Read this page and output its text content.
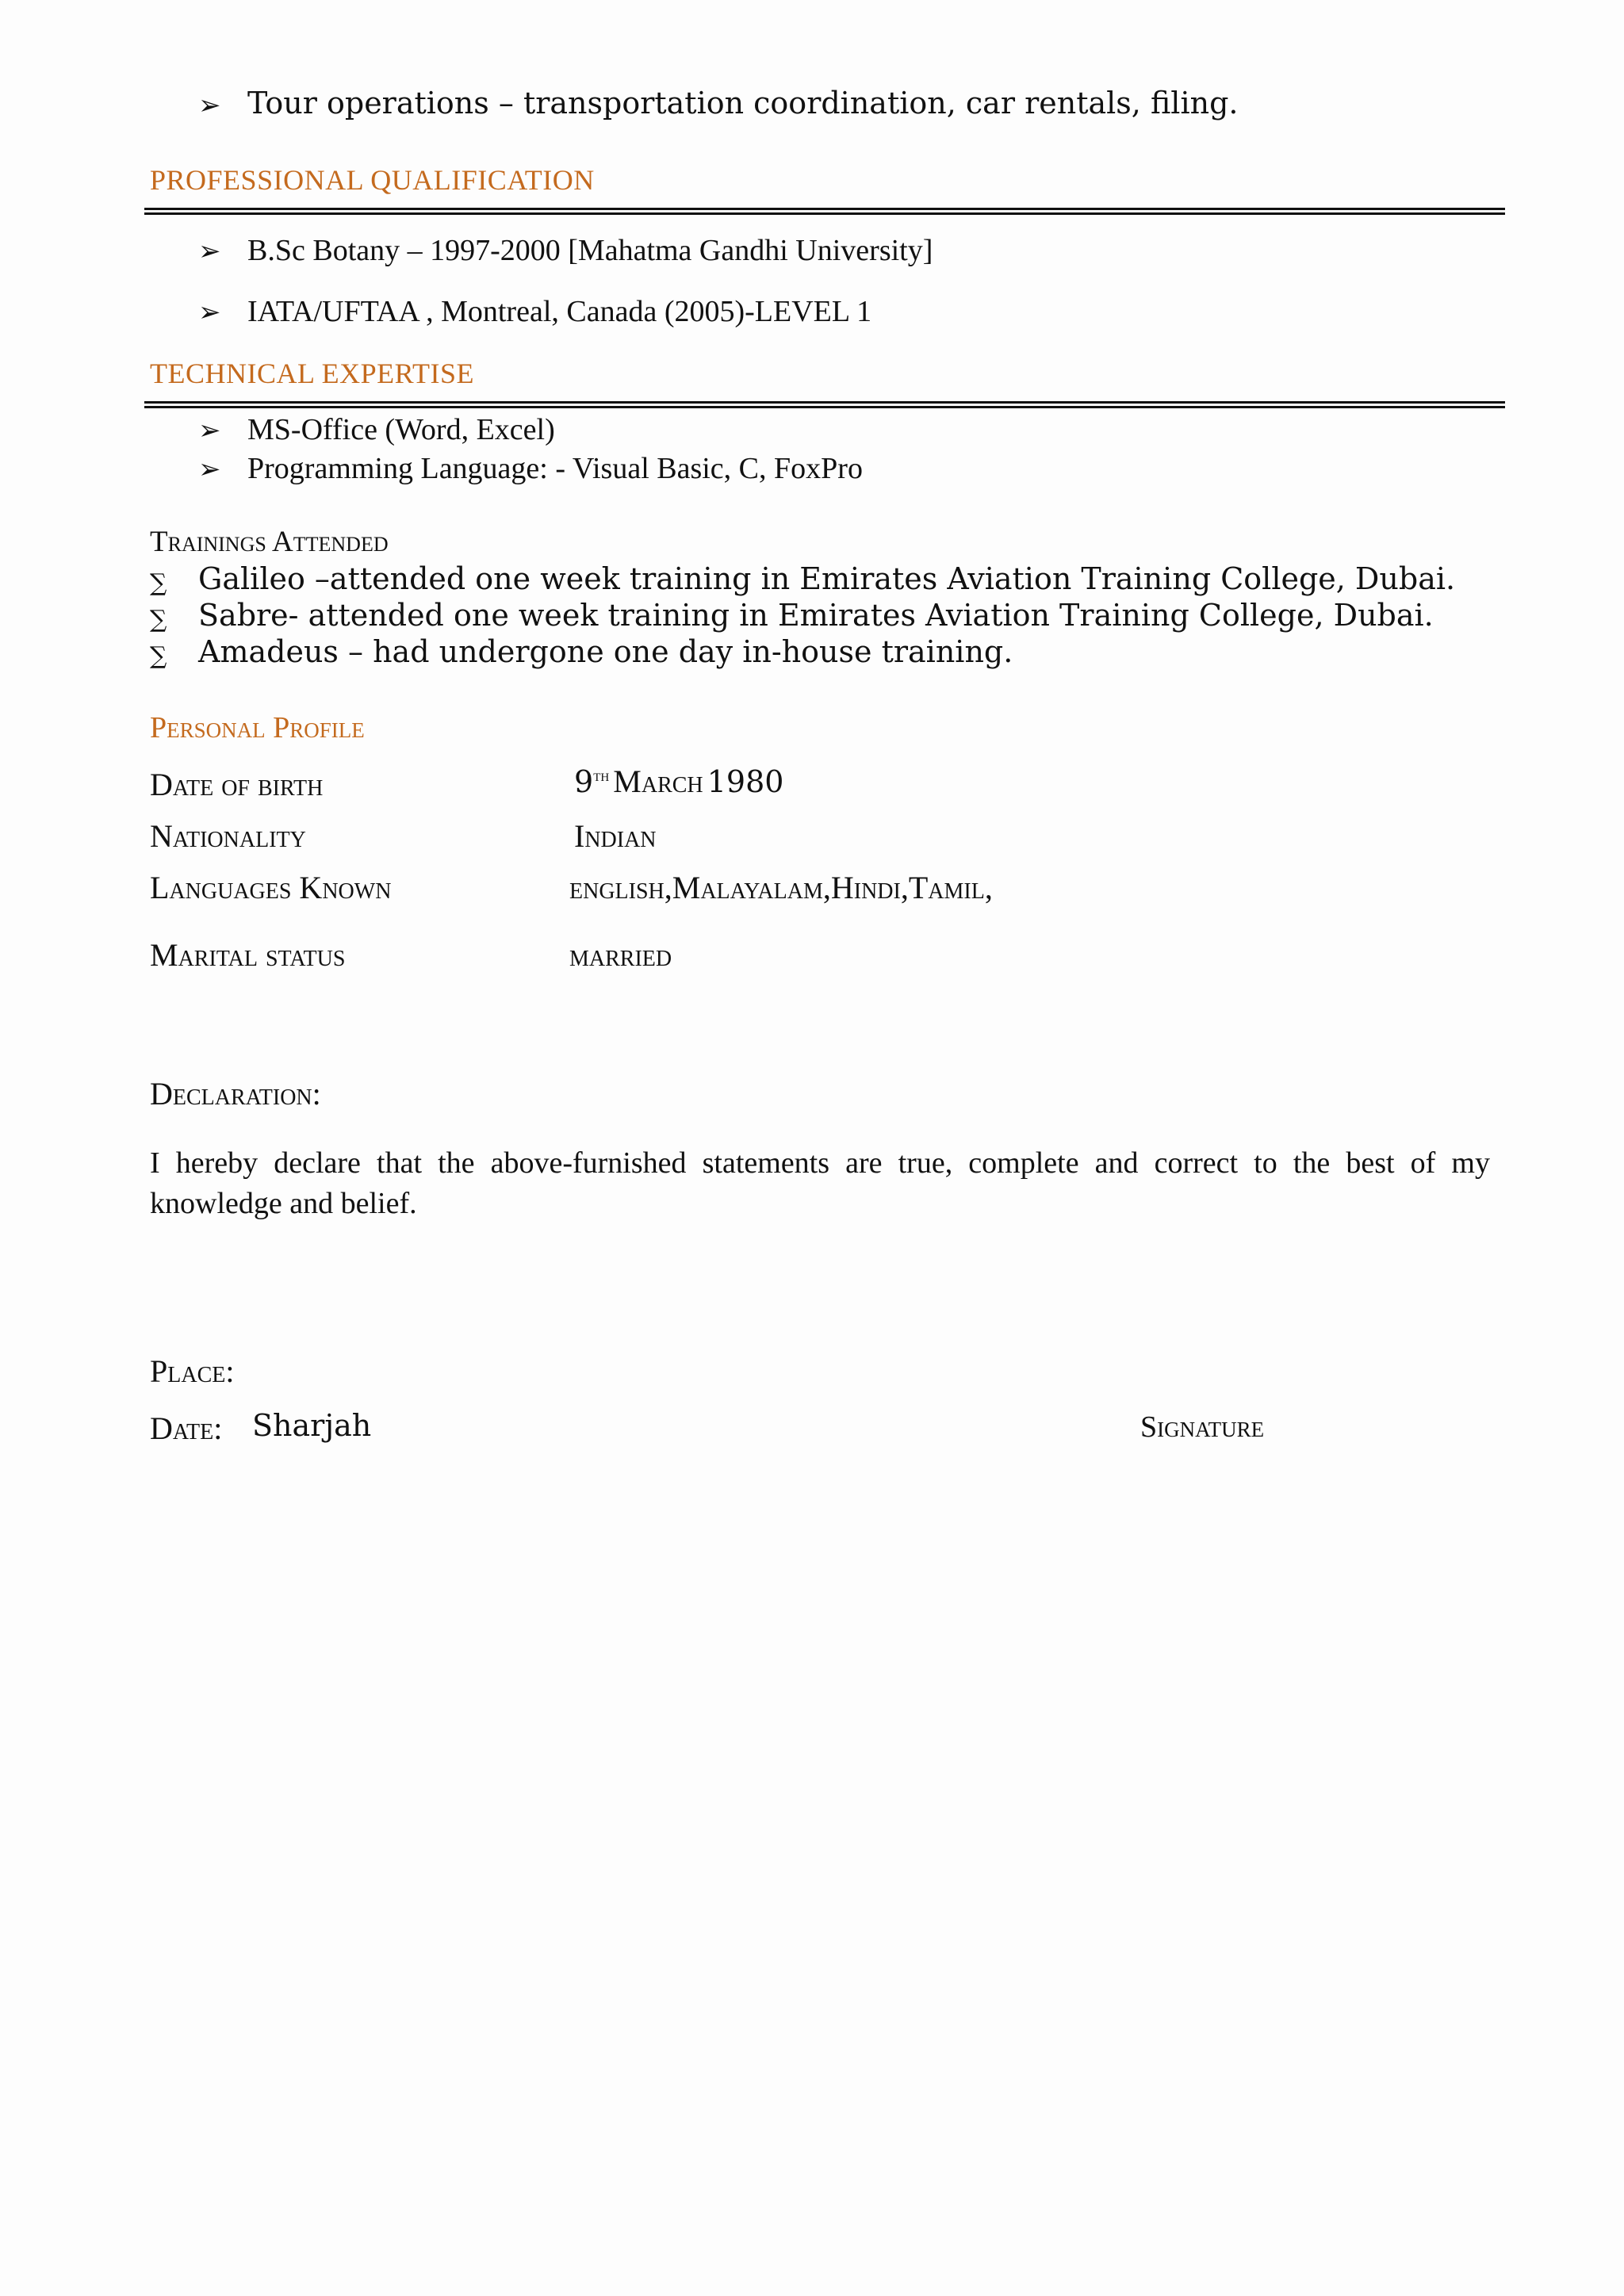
➢ Tour operations – transportation coordination, car rentals, filing.
PROFESSIONAL QUALIFICATION
➢ B.Sc Botany – 1997-2000 [Mahatma Gandhi University]
➢ IATA/UFTAA , Montreal, Canada (2005)-LEVEL 1
TECHNICAL EXPERTISE
➢ MS-Office (Word, Excel)
➢ Programming Language: - Visual Basic, C, FoxPro
Trainings Attended
∑ Galileo –attended one week training in Emirates Aviation Training College, Dubai.
∑ Sabre- attended one week training in Emirates Aviation Training College, Dubai.
∑ Amadeus – had undergone one day in-house training.
Personal Profile
Date of birth	9th March 1980
Nationality	Indian
Languages Known	english,Malayalam,Hindi,Tamil,
Marital status	married
Declaration:
I hereby declare that the above-furnished statements are true, complete and correct to the best of my knowledge and belief.
Place:
Date: Sharjah	Signature
